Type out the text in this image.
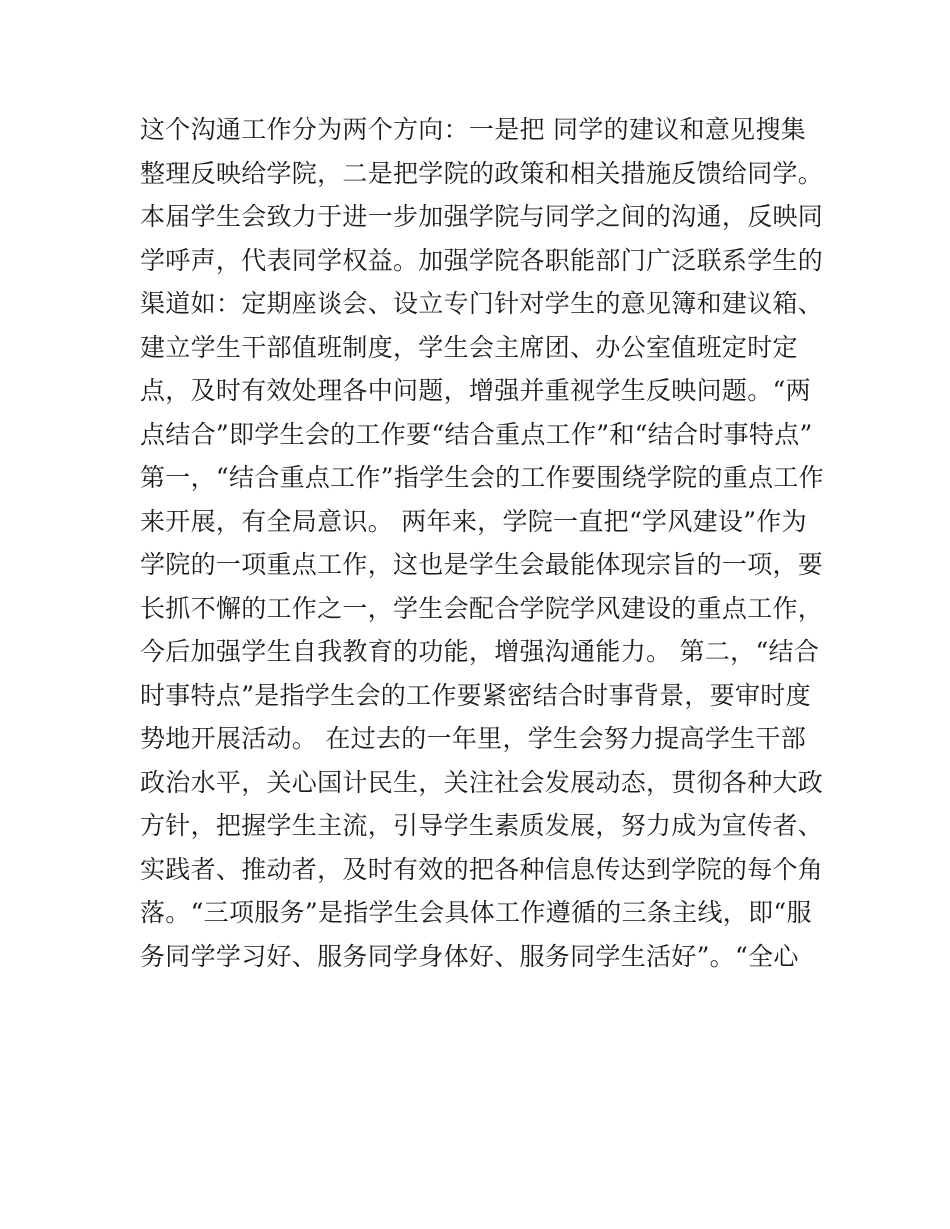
这个沟通工作分为两个方向：一是把 同学的建议和意见搜集
整理反映给学院，二是把学院的政策和相关措施反馈给同学。
本届学生会致力于进一步加强学院与同学之间的沟通，反映同
学呼声，代表同学权益。加强学院各职能部门广泛联系学生的
渠道如：定期座谈会、设立专门针对学生的意见簿和建议箱、
建立学生干部值班制度，学生会主席团、办公室值班定时定
点，及时有效处理各中问题，增强并重视学生反映问题。“两
点结合”即学生会的工作要“结合重点工作”和“结合时事特点”
第一，“结合重点工作”指学生会的工作要围绕学院的重点工作
来开展，有全局意识。 两年来，学院一直把“学风建设”作为
学院的一项重点工作，这也是学生会最能体现宗旨的一项，要
长抓不懈的工作之一，学生会配合学院学风建设的重点工作，
今后加强学生自我教育的功能，增强沟通能力。 第二，“结合
时事特点”是指学生会的工作要紧密结合时事背景，要审时度
势地开展活动。 在过去的一年里，学生会努力提高学生干部
政治水平，关心国计民生，关注社会发展动态，贯彻各种大政
方针，把握学生主流，引导学生素质发展，努力成为宣传者、
实践者、推动者，及时有效的把各种信息传达到学院的每个角
落。“三项服务”是指学生会具体工作遵循的三条主线，即“服
务同学学习好、服务同学身体好、服务同学生活好”。“全心
